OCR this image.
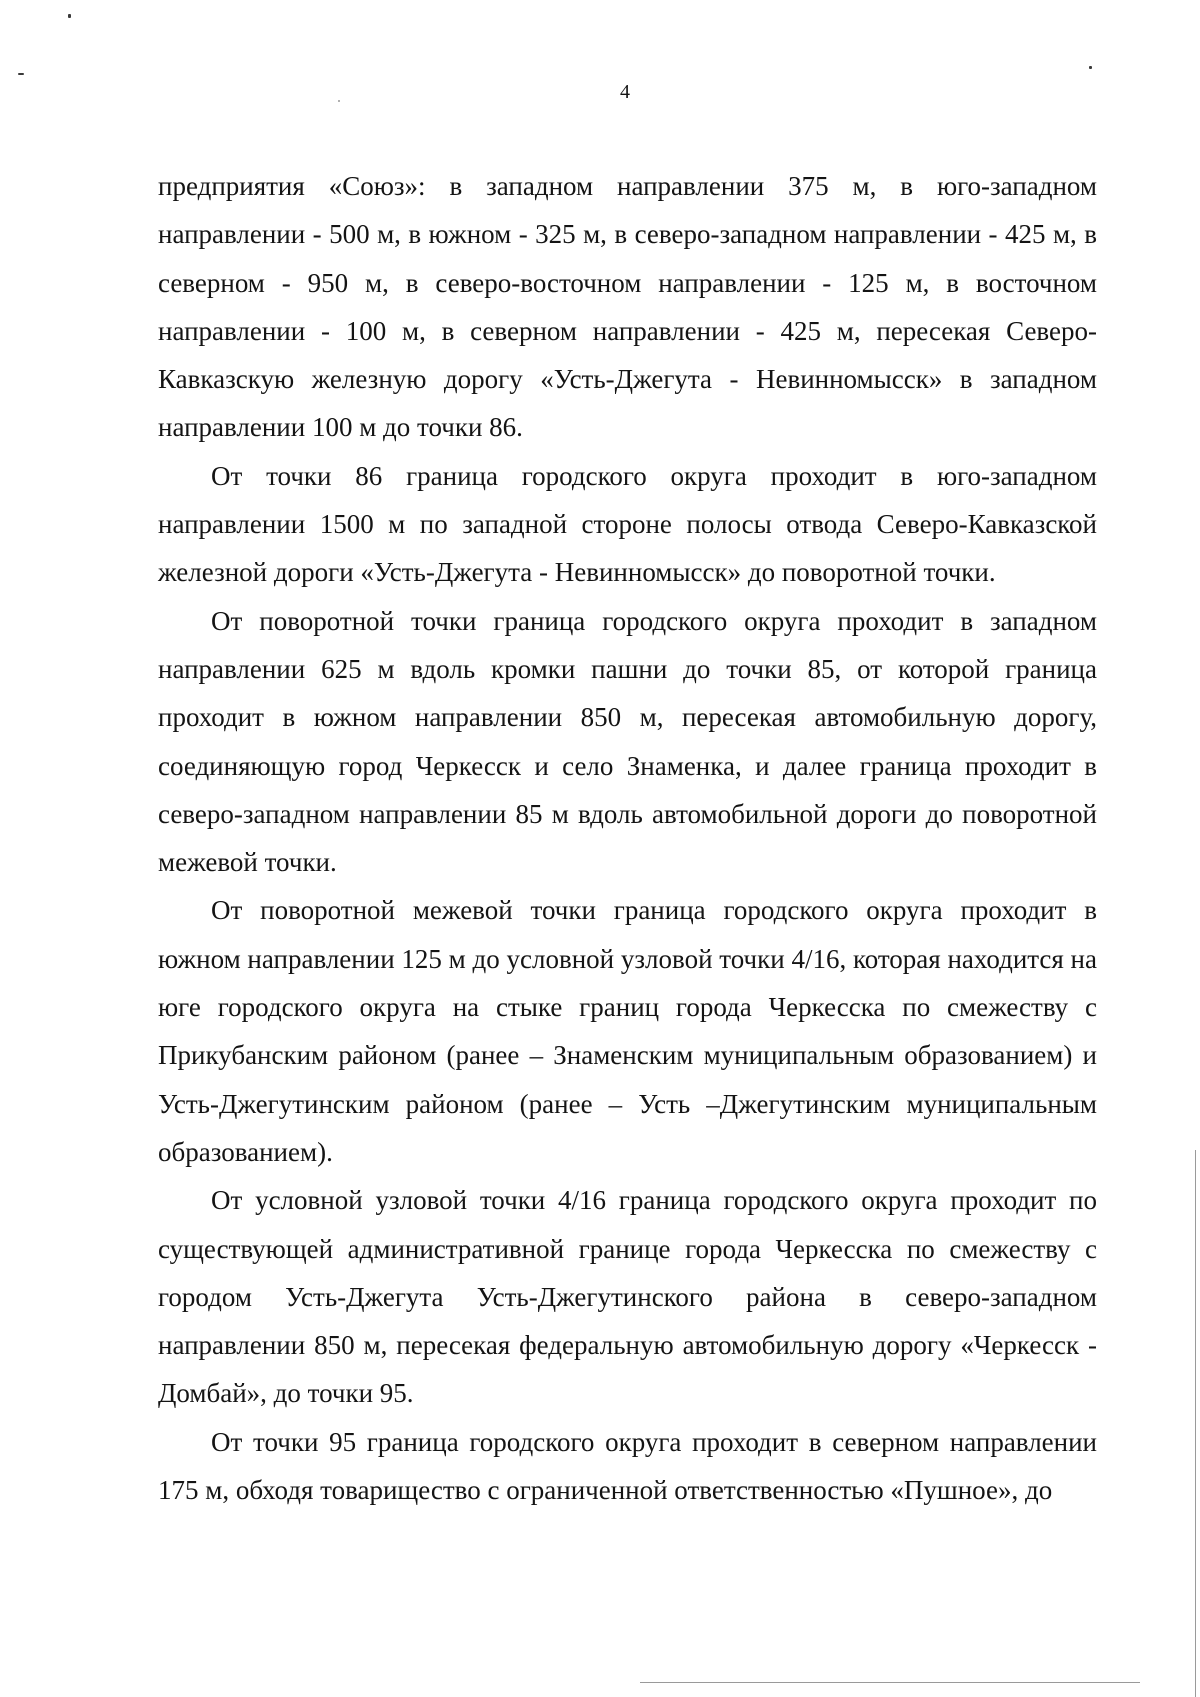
4

предприятия «Союз»: в западном направлении 375 м, в юго-западном направлении - 500 м, в южном - 325 м, в северо-западном направлении - 425 м, в северном - 950 м, в северо-восточном направлении - 125 м, в восточном направлении - 100 м, в северном направлении - 425 м, пересекая Северо-Кавказскую железную дорогу «Усть-Джегута - Невинномысск» в западном направлении 100 м до точки 86.

От точки 86 граница городского округа проходит в юго-западном направлении 1500 м по западной стороне полосы отвода Северо-Кавказской железной дороги «Усть-Джегута - Невинномысск» до поворотной точки.

От поворотной точки граница городского округа проходит в западном направлении 625 м вдоль кромки пашни до точки 85, от которой граница проходит в южном направлении 850 м, пересекая автомобильную дорогу, соединяющую город Черкесск и село Знаменка, и далее граница проходит в северо-западном направлении 85 м вдоль автомобильной дороги до поворотной межевой точки.

От поворотной межевой точки граница городского округа проходит в южном направлении 125 м до условной узловой точки 4/16, которая находится на юге городского округа на стыке границ города Черкесска по смежеству с Прикубанским районом (ранее – Знаменским муниципальным образованием) и Усть-Джегутинским районом (ранее – Усть –Джегутинским муниципальным образованием).

От условной узловой точки 4/16 граница городского округа проходит по существующей административной границе города Черкесска по смежеству с городом Усть-Джегута Усть-Джегутинского района в северо-западном направлении 850 м, пересекая федеральную автомобильную дорогу «Черкесск - Домбай», до точки 95.

От точки 95 граница городского округа проходит в северном направлении 175 м, обходя товарищество с ограниченной ответственностью «Пушное», до
